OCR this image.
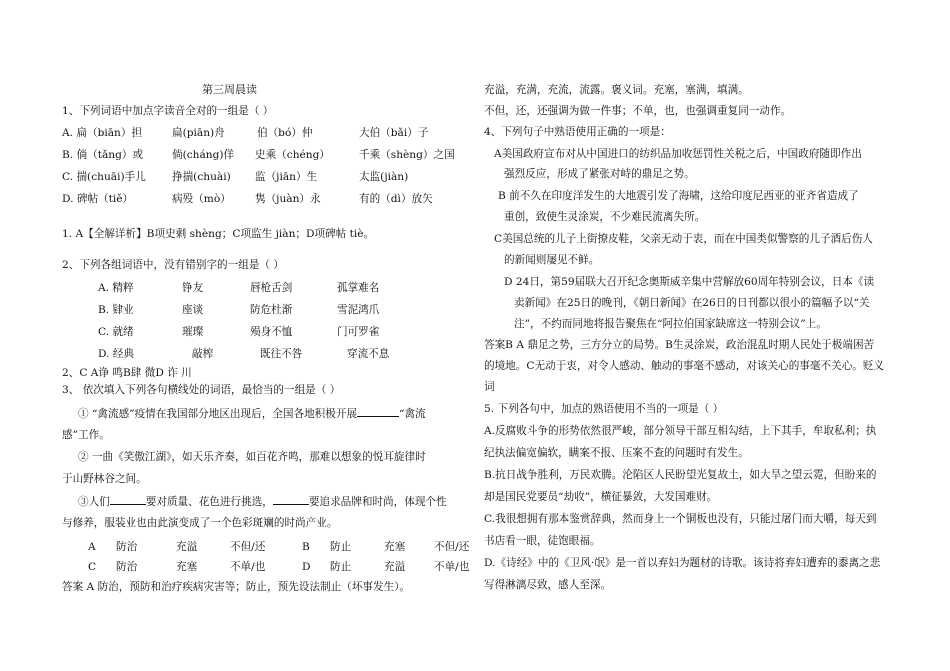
第三周晨读
1、下列词语中加点字读音全对的一组是（ ）
A. 扁（biān）担	扁(piān)舟	伯（bó）仲	大伯（bǎi）子
B. 倘（tǎng）或	倘(cháng)佯 史乘（chéng）	千乘（shèng）之国
C. 揣(chuāi)手儿 挣揣(chuài) 监（jiān）生	太监(jiàn)
D. 碑帖（tiě）	病殁（mò） 隽（juàn）永	有的（dì）放矢
1. A【全解详析】B项史剩 shèng；C项监生 jiàn；D项碑帖 tiè。
2、下列各组词语中，没有错别字的一组是（ ）
A. 精粹	铮友	唇枪舌剑	孤掌难名
B. 肄业	座谈	防危杜渐	雪泥鸿爪
C. 就绪	璀璨	殒身不恤	门可罗雀
D. 经典	敲榨	既往不咎	穿流不息
2、C A诤 鸣B肆 微D 诈 川
3、 依次填入下列各句横线处的词语，最恰当的一组是（ ）
① “禽流感”疫情在我国部分地区出现后，全国各地积极开展	“禽流
感”工作。
② 一曲《笑傲江湖》，如天乐齐奏，如百花齐鸣，那难以想象的悦耳旋律时
于山野林谷之间。
③人们	要对质量、花色进行挑选，	要追求品牌和时尚，体现个性
与修养，服装业也由此演变成了一个色彩斑斓的时尚产业。
A 防治	充溢	不但/还	B 防止	充塞	不但/还
C 防治	充塞	不单/也	D 防止	充溢	不单/也
答案 A 防治，预防和治疗疾病灾害等；防止，预先设法制止（坏事发生）。
充溢，充满，充流，流露。褒义词。充塞，塞满，填满。
不但，还，还强调为做一件事；不单，也，也强调重复同一动作。
4、下列句子中熟语使用正确的一项是：
A美国政府宣布对从中国进口的纺织品加收惩罚性关税之后，中国政府随即作出
强烈反应，形成了紧张对峙的鼎足之势。
B 前不久在印度洋发生的大地震引发了海啸，这给印度尼西亚的亚齐省造成了
重创，致使生灵涂炭，不少难民流离失所。
C美国总统的儿子上街撩皮鞋，父亲无动于衷，而在中国类似警察的儿子酒后伤人
的新闻则屡见不鲜。
D 24日，第59届联大召开纪念奥斯威辛集中营解放60周年特别会议，日本《读
卖新闻》在25日的晚刊，《朝日新闻》在26日的日刊都以很小的篇幅予以“关
注”，不约而同地将报告聚焦在“阿拉伯国家缺席这一特别会议”上。
答案B A 鼎足之势，三方分立的局势。B生灵涂炭，政治混乱时期人民处于极端困苦
的境地。C无动于衷，对令人感动、触动的事毫不感动，对该关心的事毫不关心。贬义
词
5. 下列各句中，加点的熟语使用不当的一项是（ ）
A.反腐败斗争的形势依然很严峻，部分领导干部互相勾结，上下其手，牟取私利；执
纪执法偏宽偏软，瞒案不报、压案不查的问题时有发生。
B.抗日战争胜利，万民欢腾。沦陷区人民盼望光复故土，如大旱之望云霓，但盼来的
却是国民党要员“劫收”，横征暴敛，大发国难财。
C.我很想拥有那本鉴赏辞典，然而身上一个铜板也没有，只能过屠门而大嚼，每天到
书店看一眼，徒饱眼福。
D.《诗经》中的《卫风·氓》是一首以弃妇为题材的诗歌。该诗将弃妇遭弃的黍离之悲
写得淋漓尽致，感人至深。
